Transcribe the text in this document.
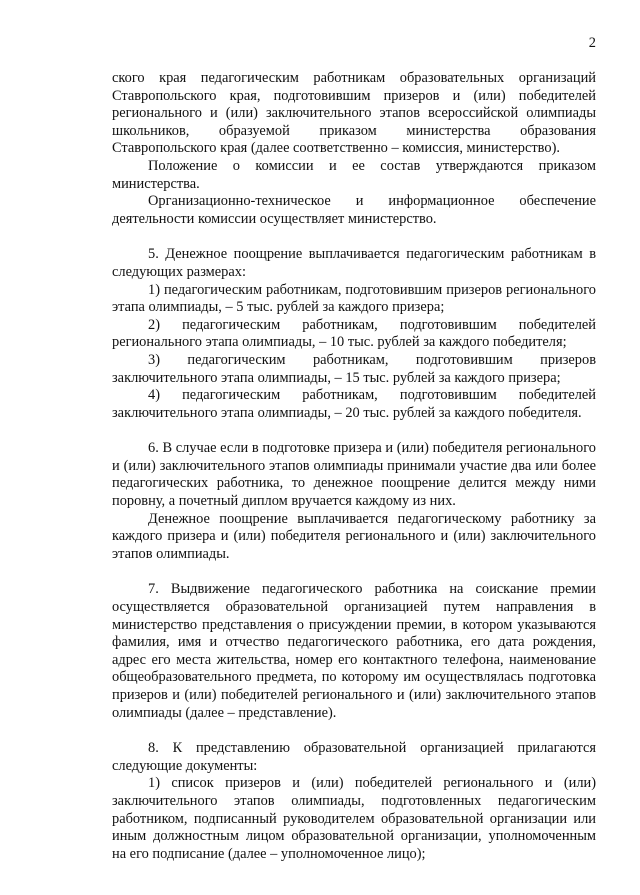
2

ского края педагогическим работникам образовательных организаций Ставропольского края, подготовившим призеров и (или) победителей регионального и (или) заключительного этапов всероссийской олимпиады школьников, образуемой приказом министерства образования Ставропольского края (далее соответственно – комиссия, министерство).

Положение о комиссии и ее состав утверждаются приказом министерства.

Организационно-техническое и информационное обеспечение деятельности комиссии осуществляет министерство.

5. Денежное поощрение выплачивается педагогическим работникам в следующих размерах:

1) педагогическим работникам, подготовившим призеров регионального этапа олимпиады, – 5 тыс. рублей за каждого призера;

2) педагогическим работникам, подготовившим победителей регионального этапа олимпиады, – 10 тыс. рублей за каждого победителя;

3) педагогическим работникам, подготовившим призеров заключительного этапа олимпиады, – 15 тыс. рублей за каждого призера;

4) педагогическим работникам, подготовившим победителей заключительного этапа олимпиады, – 20 тыс. рублей за каждого победителя.

6. В случае если в подготовке призера и (или) победителя регионального и (или) заключительного этапов олимпиады принимали участие два или более педагогических работника, то денежное поощрение делится между ними поровну, а почетный диплом вручается каждому из них.

Денежное поощрение выплачивается педагогическому работнику за каждого призера и (или) победителя регионального и (или) заключительного этапов олимпиады.

7. Выдвижение педагогического работника на соискание премии осуществляется образовательной организацией путем направления в министерство представления о присуждении премии, в котором указываются фамилия, имя и отчество педагогического работника, его дата рождения, адрес его места жительства, номер его контактного телефона, наименование общеобразовательного предмета, по которому им осуществлялась подготовка призеров и (или) победителей регионального и (или) заключительного этапов олимпиады (далее – представление).

8. К представлению образовательной организацией прилагаются следующие документы:

1) список призеров и (или) победителей регионального и (или) заключительного этапов олимпиады, подготовленных педагогическим работником, подписанный руководителем образовательной организации или иным должностным лицом образовательной организации, уполномоченным на его подписание (далее – уполномоченное лицо);
